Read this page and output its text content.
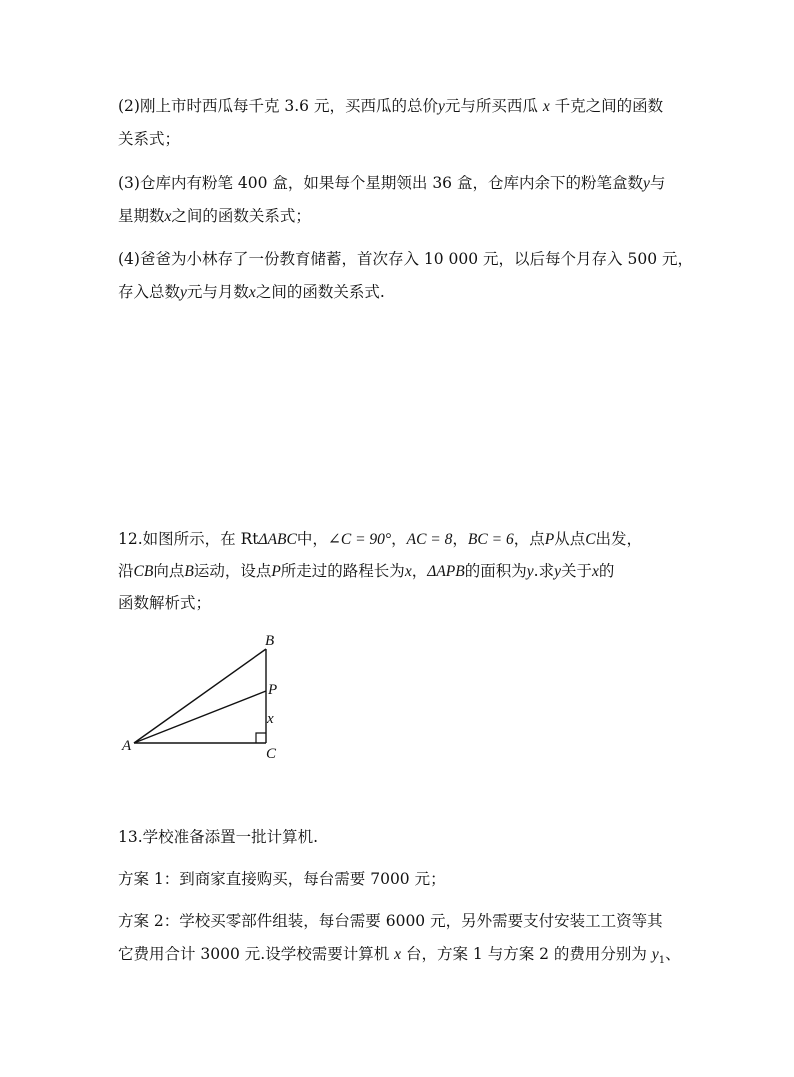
(2)刚上市时西瓜每千克 3.6 元，买西瓜的总价y元与所买西瓜 x 千克之间的函数
关系式；
(3)仓库内有粉笔 400 盒，如果每个星期领出 36 盒，仓库内余下的粉笔盒数y与
星期数x之间的函数关系式；
(4)爸爸为小林存了一份教育储蓄，首次存入 10 000 元，以后每个月存入 500 元，
存入总数y元与月数x之间的函数关系式.
12.如图所示，在 RtΔABC中，∠C = 90°，AC = 8，BC = 6，点P从点C出发，
沿CB向点B运动，设点P所走过的路程长为x，ΔAPB的面积为y.求y关于x的
函数解析式；
A
B
C
P
x
13.学校准备添置一批计算机.
方案 1：到商家直接购买，每台需要 7000 元；
方案 2：学校买零部件组装，每台需要 6000 元，另外需要支付安装工工资等其
它费用合计 3000 元.设学校需要计算机 x 台，方案 1 与方案 2 的费用分别为 $y_1$、
